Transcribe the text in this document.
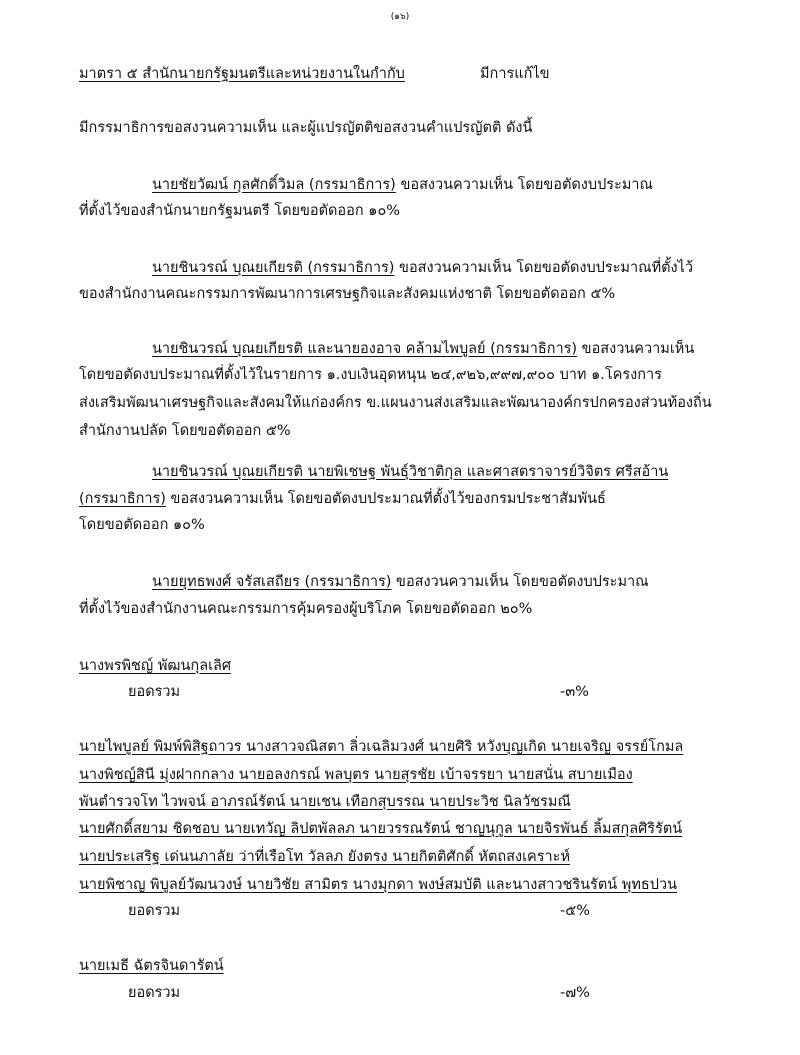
(๑๖)
มาตรา ๕ สำนักนายกรัฐมนตรีและหน่วยงานในกำกับ	มีการแก้ไข
มีกรรมาธิการขอสงวนความเห็น และผู้แปรญัตติขอสงวนคำแปรญัตติ ดังนี้
นายชัยวัฒน์ กุลศักดิ์วิมล (กรรมาธิการ) ขอสงวนความเห็น โดยขอตัดงบประมาณ
ที่ตั้งไว้ของสำนักนายกรัฐมนตรี โดยขอตัดออก ๑๐%
นายชินวรณ์ บุณยเกียรติ (กรรมาธิการ) ขอสงวนความเห็น โดยขอตัดงบประมาณที่ตั้งไว้
ของสำนักงานคณะกรรมการพัฒนาการเศรษฐกิจและสังคมแห่งชาติ โดยขอตัดออก ๕%
นายชินวรณ์ บุณยเกียรติ และนายองอาจ คล้ามไพบูลย์ (กรรมาธิการ) ขอสงวนความเห็น
โดยขอตัดงบประมาณที่ตั้งไว้ในรายการ ๑.งบเงินอุดหนุน ๒๔,๙๒๖,๙๙๗,๙๐๐ บาท ๑.โครงการ
ส่งเสริมพัฒนาเศรษฐกิจและสังคมให้แก่องค์กร ข.แผนงานส่งเสริมและพัฒนาองค์กรปกครองส่วนท้องถิ่น
สำนักงานปลัด โดยขอตัดออก ๕%
นายชินวรณ์ บุณยเกียรติ นายพิเชษฐ พันธุ์วิชาติกุล และศาสตราจารย์วิจิตร ศรีสอ้าน
(กรรมาธิการ) ขอสงวนความเห็น โดยขอตัดงบประมาณที่ตั้งไว้ของกรมประชาสัมพันธ์
โดยขอตัดออก ๑๐%
นายยุทธพงศ์ จรัสเสถียร (กรรมาธิการ) ขอสงวนความเห็น โดยขอตัดงบประมาณ
ที่ตั้งไว้ของสำนักงานคณะกรรมการคุ้มครองผู้บริโภค โดยขอตัดออก ๒๐%
นางพรพิชญ์ พัฒนกุลเลิศ
ยอดรวม	-๓%
นายไพบูลย์ พิมพ์พิสิฐถาวร นางสาวจณิสตา ลิ่วเฉลิมวงศ์ นายศิริ หวังบุญเกิด นายเจริญ จรรย์โกมล
นางพิชญ์สินี มุ่งฝากกลาง นายอลงกรณ์ พลบุตร นายสุรชัย เบ้าจรรยา นายสนั่น สบายเมือง
พันตำรวจโท ไวพจน์ อาภรณ์รัตน์ นายเชน เทือกสุบรรณ นายประวิช นิลวัชรมณี
นายศักดิ์สยาม ชิดชอบ นายเทวัญ ลิปตพัลลภ นายวรรณรัตน์ ชาญนุกูล นายจิรพันธ์ ลิ้มสกุลศิริรัตน์
นายประเสริฐ เด่นนภาลัย ว่าที่เรือโท วัลลภ ยังตรง นายกิตติศักดิ์ หัตถสงเคราะห์
นายพิชาญ พิบูลย์วัฒนวงษ์ นายวิชัย สามิตร นางมุกดา พงษ์สมบัติ และนางสาวชรินรัตน์ พุทธปวน
ยอดรวม	-๕%
นายเมธี ฉัตรจินดารัตน์
ยอดรวม	-๗%
